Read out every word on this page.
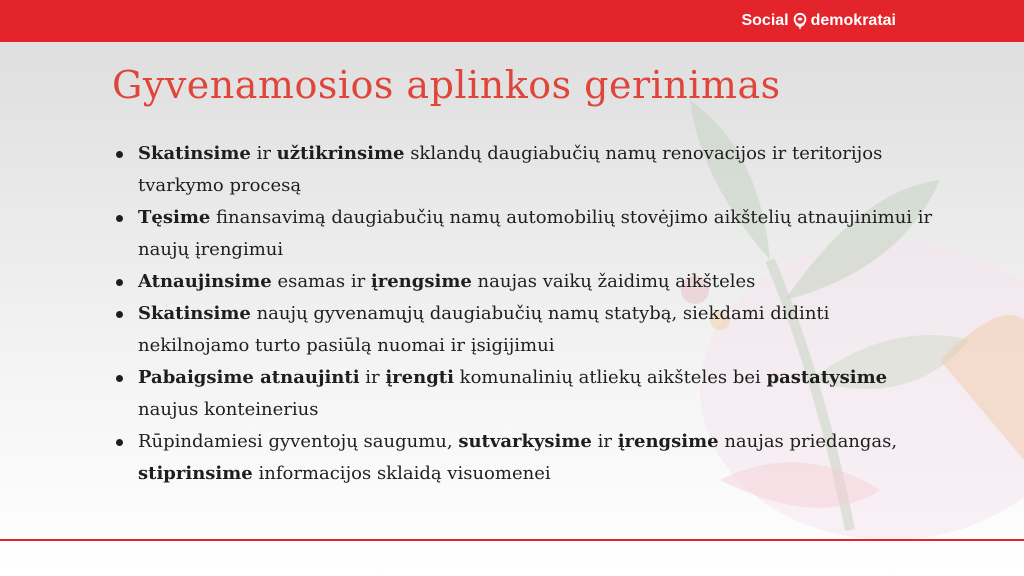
Social demokratai
Gyvenamosios aplinkos gerinimas
Skatinsime ir užtikrinsime sklandų daugiabučių namų renovacijos ir teritorijos tvarkymo procesą
Tęsime finansavimą daugiabučių namų automobilių stovėjimo aikštelių atnaujinimui ir naujų įrengimui
Atnaujinsime esamas ir įrengsime naujas vaikų žaidimų aikšteles
Skatinsime naujų gyvenamųjų daugiabučių namų statybą, siekdami didinti nekilnojamo turto pasiūlą nuomai ir įsigijimui
Pabaigsime atnaujinti ir įrengti komunalinių atliekų aikšteles bei pastatysime naujus konteinerius
Rūpindamiesi gyventojų saugumu, sutvarkysime ir įrengsime naujas priedangas, stiprinsime informacijos sklaidą visuomenei
